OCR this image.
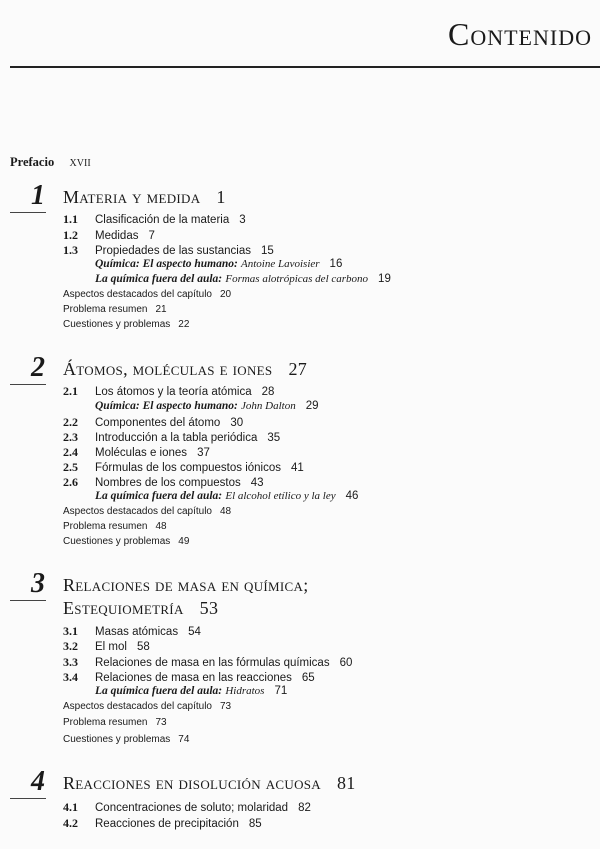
Contenido
Prefacio XVII
1 Materia y medida 1
1.1 Clasificación de la materia 3
1.2 Medidas 7
1.3 Propiedades de las sustancias 15
Química: El aspecto humano: Antoine Lavoisier 16
La química fuera del aula: Formas alotrópicas del carbono 19
Aspectos destacados del capítulo 20
Problema resumen 21
Cuestiones y problemas 22
2 Átomos, moléculas e iones 27
2.1 Los átomos y la teoría atómica 28
Química: El aspecto humano: John Dalton 29
2.2 Componentes del átomo 30
2.3 Introducción a la tabla periódica 35
2.4 Moléculas e iones 37
2.5 Fórmulas de los compuestos iónicos 41
2.6 Nombres de los compuestos 43
La química fuera del aula: El alcohol etílico y la ley 46
Aspectos destacados del capítulo 48
Problema resumen 48
Cuestiones y problemas 49
3 Relaciones de masa en química;
Estequiometría 53
3.1 Masas atómicas 54
3.2 El mol 58
3.3 Relaciones de masa en las fórmulas químicas 60
3.4 Relaciones de masa en las reacciones 65
La química fuera del aula: Hidratos 71
Aspectos destacados del capítulo 73
Problema resumen 73
Cuestiones y problemas 74
4 Reacciones en disolución acuosa 81
4.1 Concentraciones de soluto; molaridad 82
4.2 Reacciones de precipitación 85
